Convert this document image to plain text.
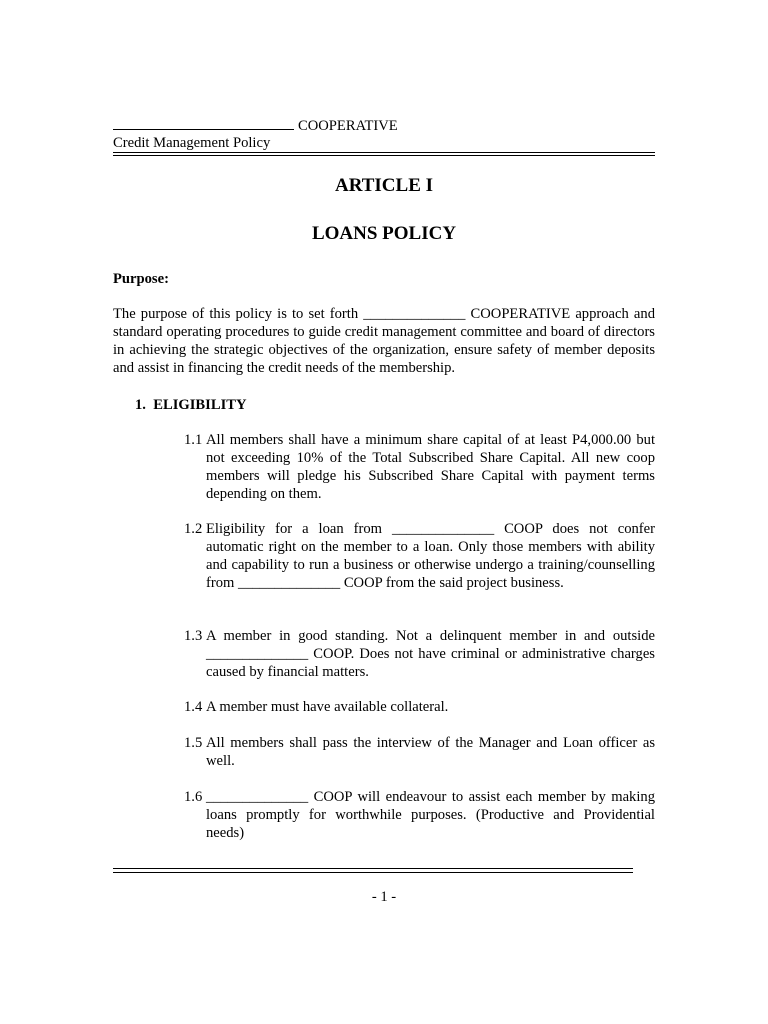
COOPERATIVE
Credit Management Policy
ARTICLE I
LOANS POLICY
Purpose:
The purpose of this policy is to set forth ______________ COOPERATIVE approach and standard operating procedures to guide credit management committee and board of directors in achieving the strategic objectives of the organization, ensure safety of member deposits and assist in financing the credit needs of the membership.
1.  ELIGIBILITY
1.1 All members shall have a minimum share capital of at least P4,000.00 but not exceeding 10% of the Total Subscribed Share Capital. All new coop members will pledge his Subscribed Share Capital with payment terms depending on them.
1.2 Eligibility for a loan from ______________ COOP does not confer automatic right on the member to a loan. Only those members with ability and capability to run a business or otherwise undergo a training/counselling from ______________ COOP from the said project business.
1.3 A member in good standing. Not a delinquent member in and outside ______________ COOP. Does not have criminal or administrative charges caused by financial matters.
1.4 A member must have available collateral.
1.5 All members shall pass the interview of the Manager and Loan officer as well.
1.6 ______________ COOP will endeavour to assist each member by making loans promptly for worthwhile purposes. (Productive and Providential needs)
- 1 -
